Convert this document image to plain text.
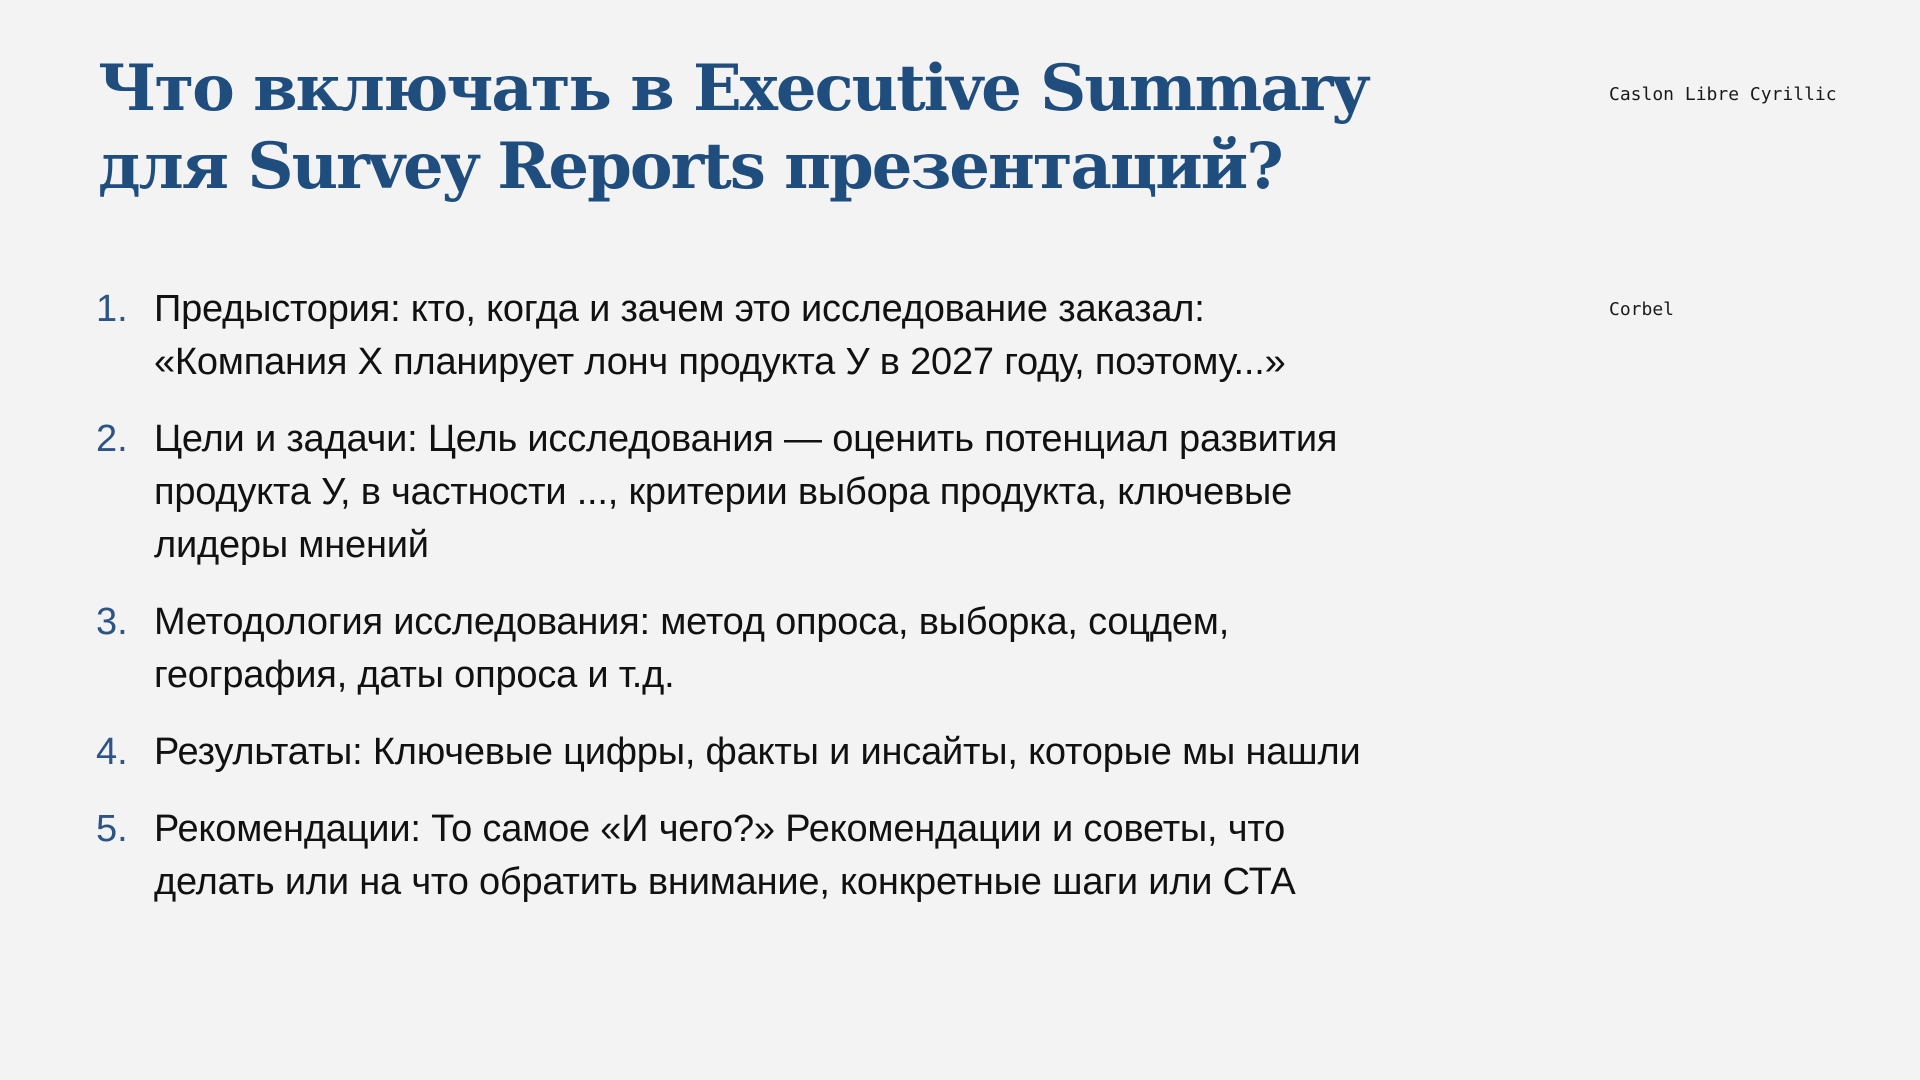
Что включать в Executive Summary
для Survey Reports презентаций?
Caslon Libre Cyrillic
Corbel
1. Предыстория: кто, когда и зачем это исследование заказал:
«Компания Х планирует лонч продукта У в 2027 году, поэтому...»
2. Цели и задачи: Цель исследования — оценить потенциал развития
продукта У, в частности ..., критерии выбора продукта, ключевые
лидеры мнений
3. Методология исследования: метод опроса, выборка, соцдем,
география, даты опроса и т.д.
4. Результаты: Ключевые цифры, факты и инсайты, которые мы нашли
5. Рекомендации: То самое «И чего?» Рекомендации и советы, что
делать или на что обратить внимание, конкретные шаги или СТА
